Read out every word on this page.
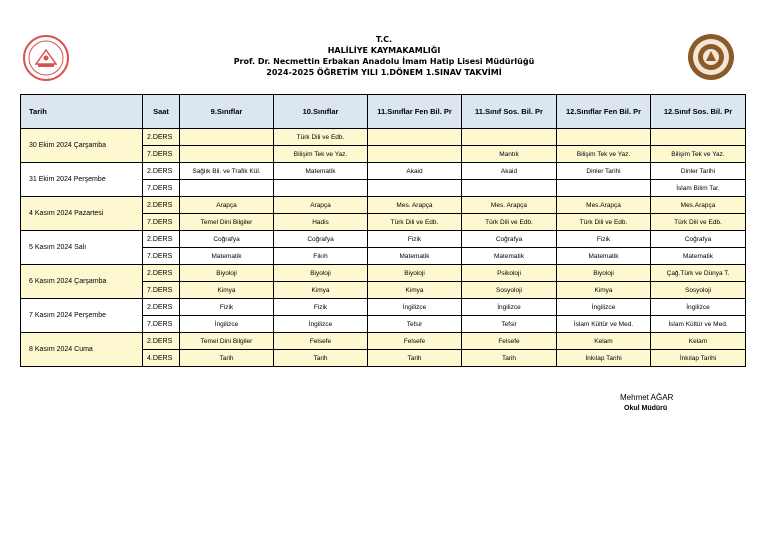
T.C.
HALİLİYE KAYMAKAMLIĞI
Prof. Dr. Necmettin Erbakan Anadolu İmam Hatip Lisesi Müdürlüğü
2024-2025 ÖĞRETİM YILI 1.DÖNEM 1.SINAV TAKVİMİ
Tarih	Saat	9.Sınıflar	10.Sınıflar	11.Sınıflar Fen Bil. Pr	11.Sınıf Sos. Bil. Pr	12.Sınıflar Fen Bil. Pr	12.Sınıf Sos. Bil. Pr
30 Ekim 2024 Çarşamba	2.DERS		Türk Dili ve Edb.				
	7.DERS		Bilişim Tek ve Yaz.		Mantık	Bilişim Tek ve Yaz.	Bilişim Tek ve Yaz.
31 Ekim 2024 Perşembe	2.DERS	Sağlık Bil. ve Trafik Kül.	Matematik	Akaid	Akaid	Dinler Tarihi	Dinler Tarihi
	7.DERS						İslam Bilim Tar.
4 Kasım 2024 Pazartesi	2.DERS	Arapça	Arapça	Mes. Arapça	Mes. Arapça	Mes.Arapça	Mes.Arapça
	7.DERS	Temel Dini Bilgiler	Hadis	Türk Dili ve Edb.	Türk Dili ve Edb.	Türk Dili ve Edb.	Türk Dili ve Edb.
5 Kasım 2024 Salı	2.DERS	Coğrafya	Coğrafya	Fizik	Coğrafya	Fizik	Coğrafya
	7.DERS	Matematik	Fıkıh	Matematik	Matematik	Matematik	Matematik
6 Kasım 2024 Çarşamba	2.DERS	Biyoloji	Biyoloji	Biyoloji	Psikoloji	Biyoloji	Çağ.Türk ve Dünya T.
	7.DERS	Kimya	Kimya	Kimya	Sosyoloji	Kimya	Sosyoloji
7 Kasım 2024 Perşembe	2.DERS	Fizik	Fizik	İngilizce	İngilizce	İngilizce	İngilizce
	7.DERS	İngilizce	İngilizce	Tefsir	Tefsir	İslam Kültür ve Med.	İslam Kültür ve Med.
8 Kasım 2024 Cuma	2.DERS	Temel Dini Bilgiler	Felsefe	Felsefe	Felsefe	Kelam	Kelam
	4.DERS	Tarih	Tarih	Tarih	Tarih	İnkılap Tarihi	İnkılap Tarihi
Mehmet AĞAR
Okul Müdürü
